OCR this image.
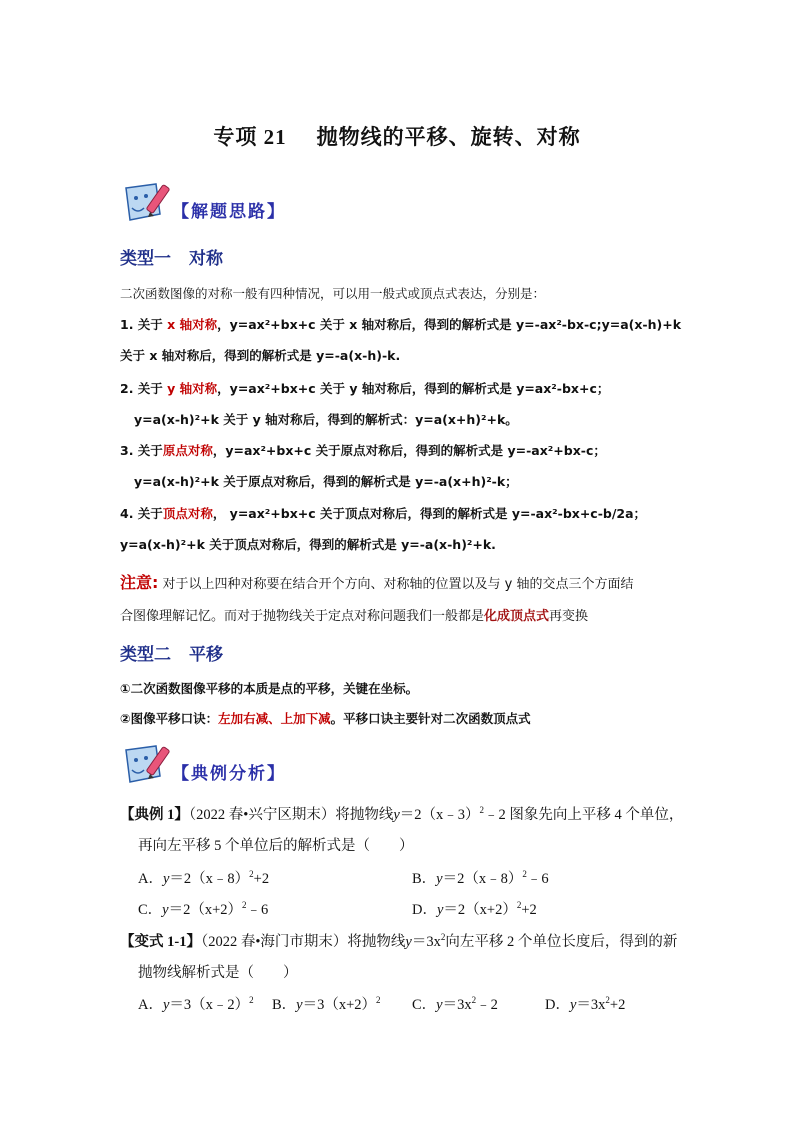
专项 21 抛物线的平移、旋转、对称
【解题思路】
类型一 对称
二次函数图像的对称一般有四种情况，可以用一般式或顶点式表达，分别是：
1. 关于 x 轴对称，y=ax²+bx+c 关于 x 轴对称后，得到的解析式是 y=-ax²-bx-c;y=a(x-h)+k
关于 x 轴对称后，得到的解析式是 y=-a(x-h)-k.
2. 关于 y 轴对称，y=ax²+bx+c 关于 y 轴对称后，得到的解析式是 y=ax²-bx+c；
y=a(x-h)²+k 关于 y 轴对称后，得到的解析式：y=a(x+h)²+k。
3. 关于原点对称，y=ax²+bx+c 关于原点对称后，得到的解析式是 y=-ax²+bx-c；
y=a(x-h)²+k 关于原点对称后，得到的解析式是 y=-a(x+h)²-k；
4. 关于顶点对称， y=ax²+bx+c 关于顶点对称后，得到的解析式是 y=-ax²-bx+c-b/2a；
y=a(x-h)²+k 关于顶点对称后，得到的解析式是 y=-a(x-h)²+k.
注意: 对于以上四种对称要在结合开个方向、对称轴的位置以及与 y 轴的交点三个方面结
合图像理解记忆。而对于抛物线关于定点对称问题我们一般都是化成顶点式再变换
类型二 平移
①二次函数图像平移的本质是点的平移，关键在坐标。
②图像平移口诀：左加右减、上加下减。平移口诀主要针对二次函数顶点式
【典例分析】
【典例 1】（2022 春•兴宁区期末）将抛物线y＝2（x﹣3）$^2$﹣2 图象先向上平移 4 个单位，
再向左平移 5 个单位后的解析式是（　　）
A．y＝2（x﹣8）$^2$+2	B．y＝2（x﹣8）$^2$﹣6
C．$y=2(x+2)^2﹣6$	D．$y=2(x+2)^2+2$
【变式 1-1】（2022 春•海门市期末）将抛物线$y=3x^2$向左平移 2 个单位长度后，得到的新
抛物线解析式是（　　）
A．y＝3（x﹣2）$^2$ B．$y=3(x+2)^2$ C．$y=3x^2﹣2$	D．$y=3x^2+2$
